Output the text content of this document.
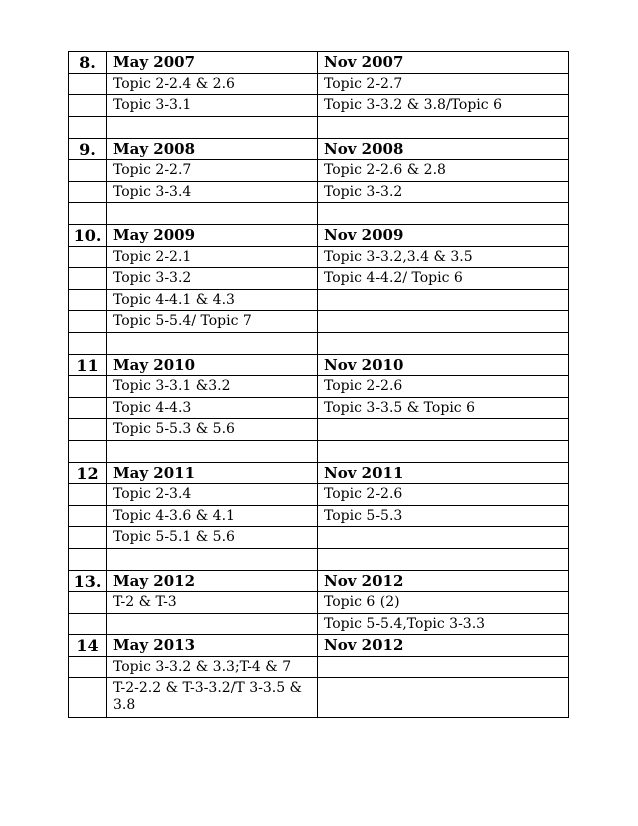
8.	May 2007	Nov 2007
	Topic 2-2.4 & 2.6	Topic 2-2.7
	Topic 3-3.1	Topic 3-3.2 & 3.8/Topic 6

9.	May 2008	Nov 2008
	Topic 2-2.7	Topic 2-2.6 & 2.8
	Topic 3-3.4	Topic 3-3.2

10.	May 2009	Nov 2009
	Topic 2-2.1	Topic 3-3.2,3.4 & 3.5
	Topic 3-3.2	Topic 4-4.2/ Topic 6
	Topic 4-4.1 & 4.3	
	Topic 5-5.4/ Topic 7	

11	May 2010	Nov 2010
	Topic 3-3.1 &3.2	Topic 2-2.6
	Topic 4-4.3	Topic 3-3.5 & Topic 6
	Topic 5-5.3 & 5.6	

12	May 2011	Nov 2011
	Topic 2-3.4	Topic 2-2.6
	Topic 4-3.6 & 4.1	Topic 5-5.3
	Topic 5-5.1 & 5.6	

13.	May 2012	Nov 2012
	T-2 & T-3	Topic 6 (2)
		Topic 5-5.4,Topic 3-3.3
14	May 2013	Nov 2012
	Topic 3-3.2 & 3.3;T-4 & 7	
	T-2-2.2 & T-3-3.2/T 3-3.5 & 3.8	
